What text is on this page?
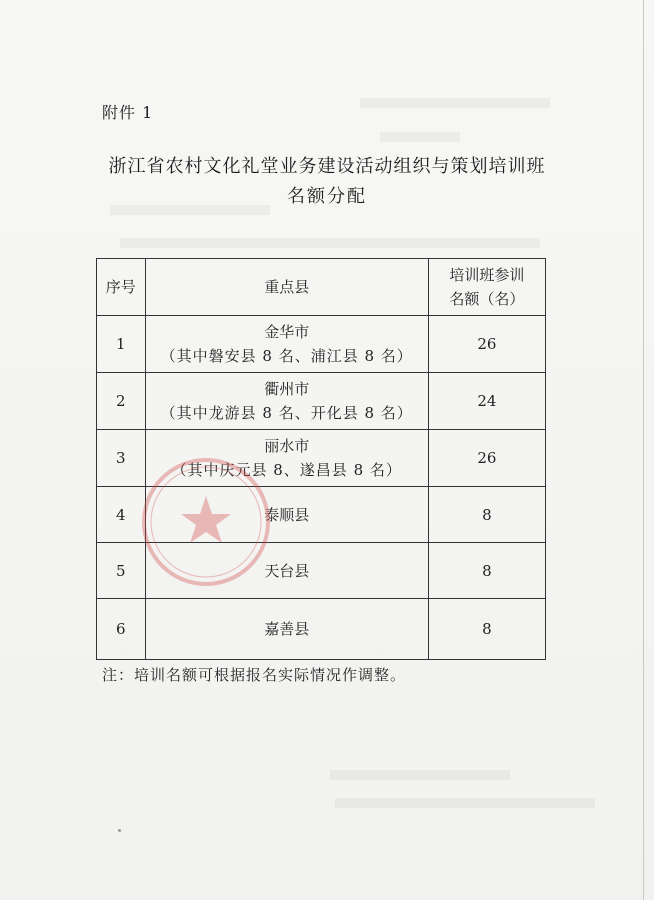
附件 1
浙江省农村文化礼堂业务建设活动组织与策划培训班
名额分配
序号	重点县	培训班参训
名额（名）

1	金华市
（其中磐安县 8 名、浦江县 8 名）	26
2	衢州市
（其中龙游县 8 名、开化县 8 名）	24
3	丽水市
（其中庆元县 8、遂昌县 8 名）	26
4	泰顺县	8
5	天台县	8
6	嘉善县	8
注：培训名额可根据报名实际情况作调整。
